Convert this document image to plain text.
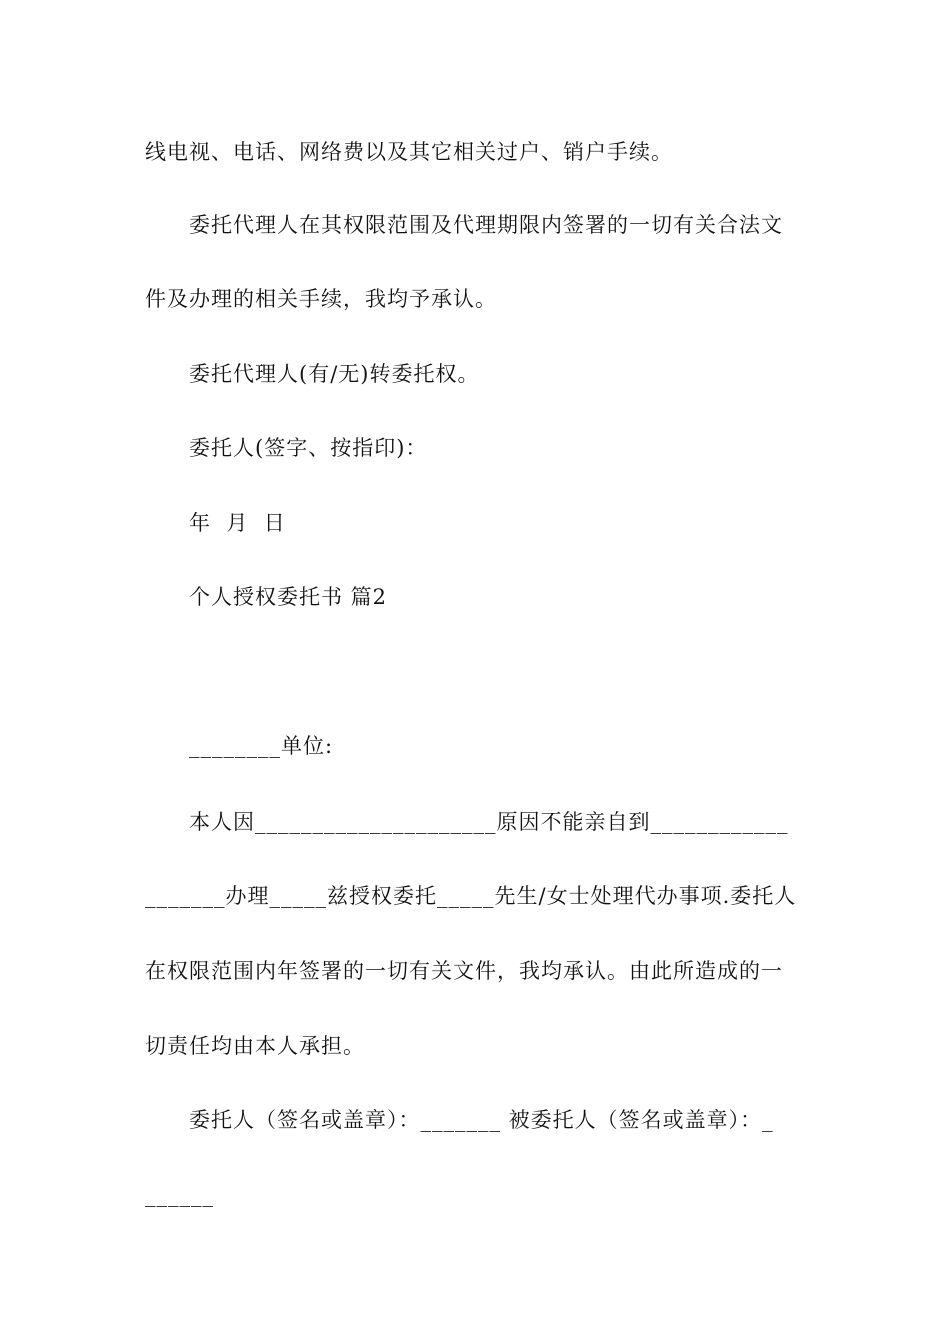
线电视、电话、网络费以及其它相关过户、销户手续。
委托代理人在其权限范围及代理期限内签署的一切有关合法文
件及办理的相关手续，我均予承认。
委托代理人(有/无)转委托权。
委托人(签字、按指印)：
年  月  日
个人授权委托书 篇2
________单位:
本人因_____________________原因不能亲自到____________
_______办理_____兹授权委托_____先生/女士处理代办事项.委托人
在权限范围内年签署的一切有关文件，我均承认。由此所造成的一
切责任均由本人承担。
委托人（签名或盖章）：_______ 被委托人（签名或盖章）：_
______
